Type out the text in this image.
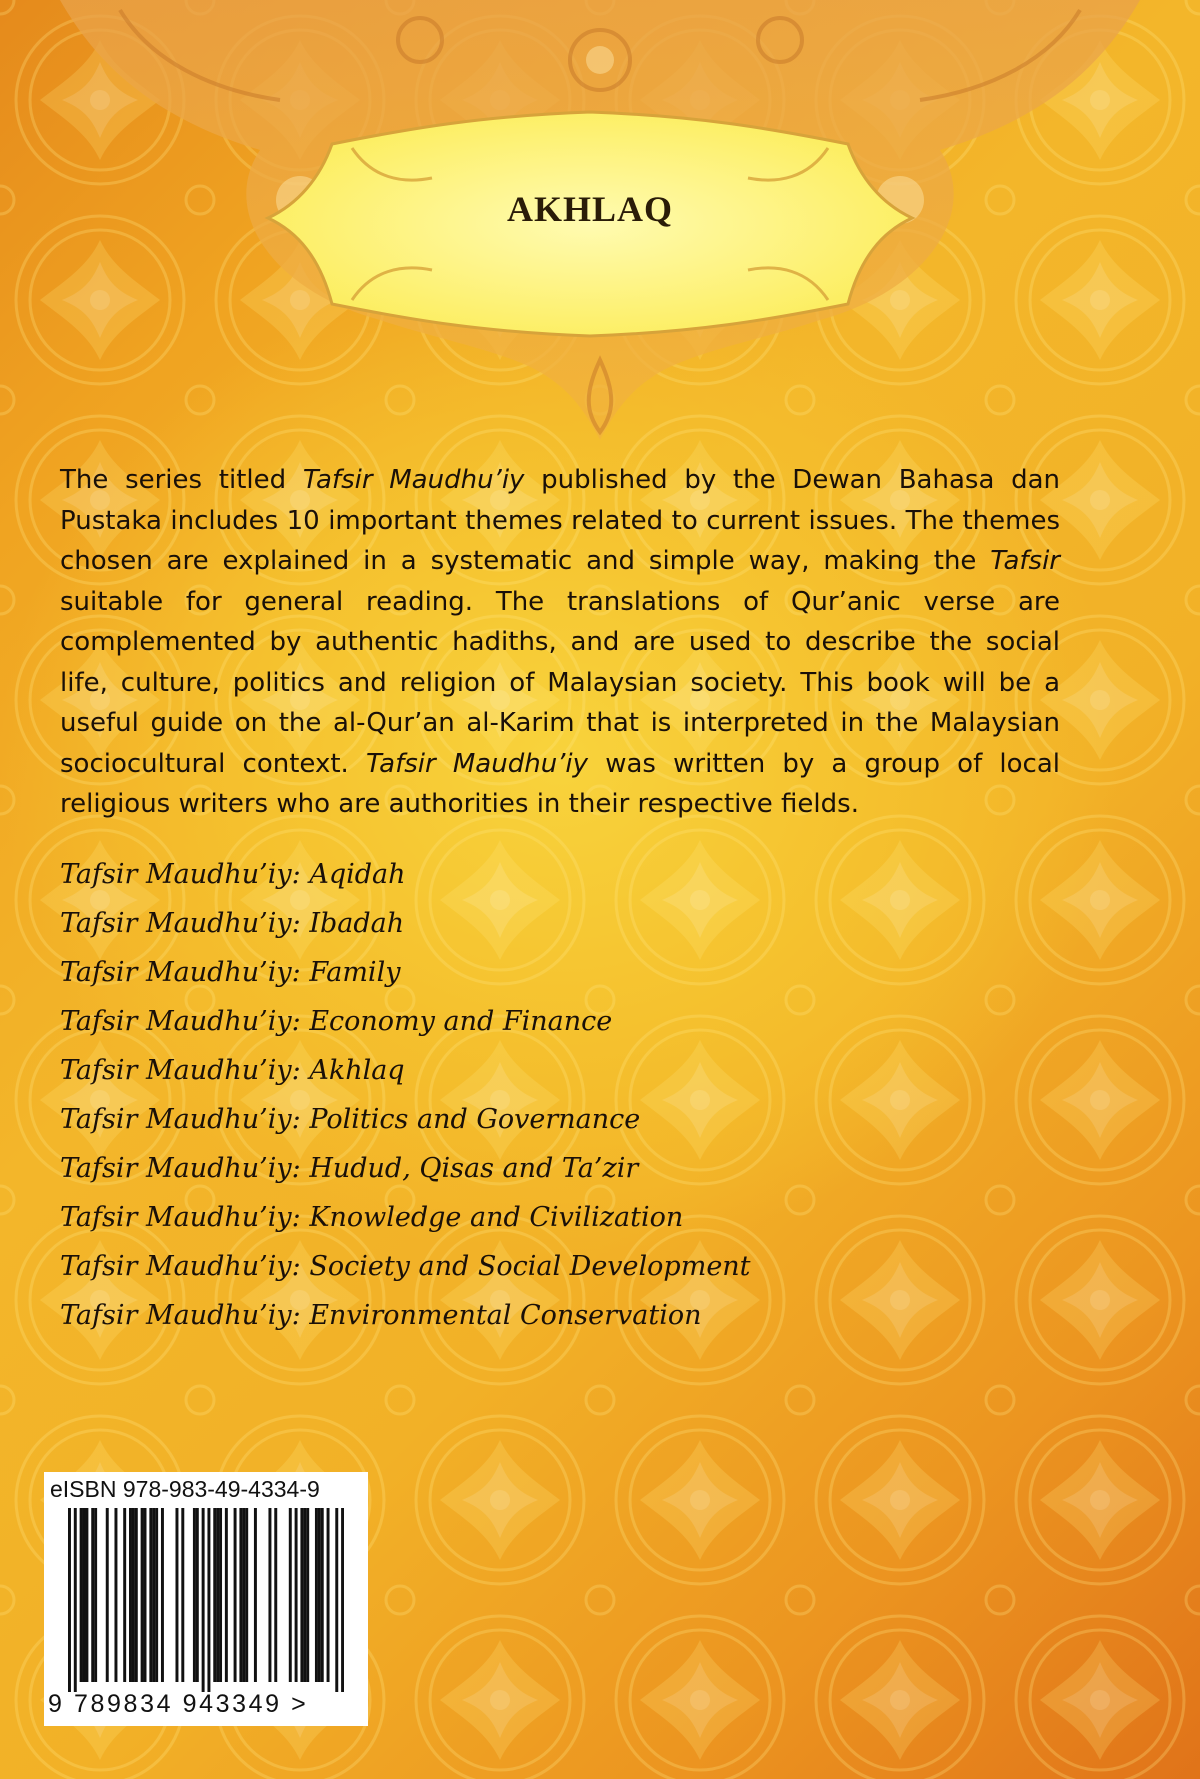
AKHLAQ

The series titled Tafsir Maudhu’iy published by the Dewan Bahasa dan Pustaka includes 10 important themes related to current issues. The themes chosen are explained in a systematic and simple way, making the Tafsir suitable for general reading. The translations of Qur’anic verse are complemented by authentic hadiths, and are used to describe the social life, culture, politics and religion of Malaysian society. This book will be a useful guide on the al-Qur’an al-Karim that is interpreted in the Malaysian sociocultural context. Tafsir Maudhu’iy was written by a group of local religious writers who are authorities in their respective fields.

Tafsir Maudhu’iy: Aqidah
Tafsir Maudhu’iy: Ibadah
Tafsir Maudhu’iy: Family
Tafsir Maudhu’iy: Economy and Finance
Tafsir Maudhu’iy: Akhlaq
Tafsir Maudhu’iy: Politics and Governance
Tafsir Maudhu’iy: Hudud, Qisas and Ta’zir
Tafsir Maudhu’iy: Knowledge and Civilization
Tafsir Maudhu’iy: Society and Social Development
Tafsir Maudhu’iy: Environmental Conservation
eISBN 978-983-49-4334-9
9 789834 943349 >
